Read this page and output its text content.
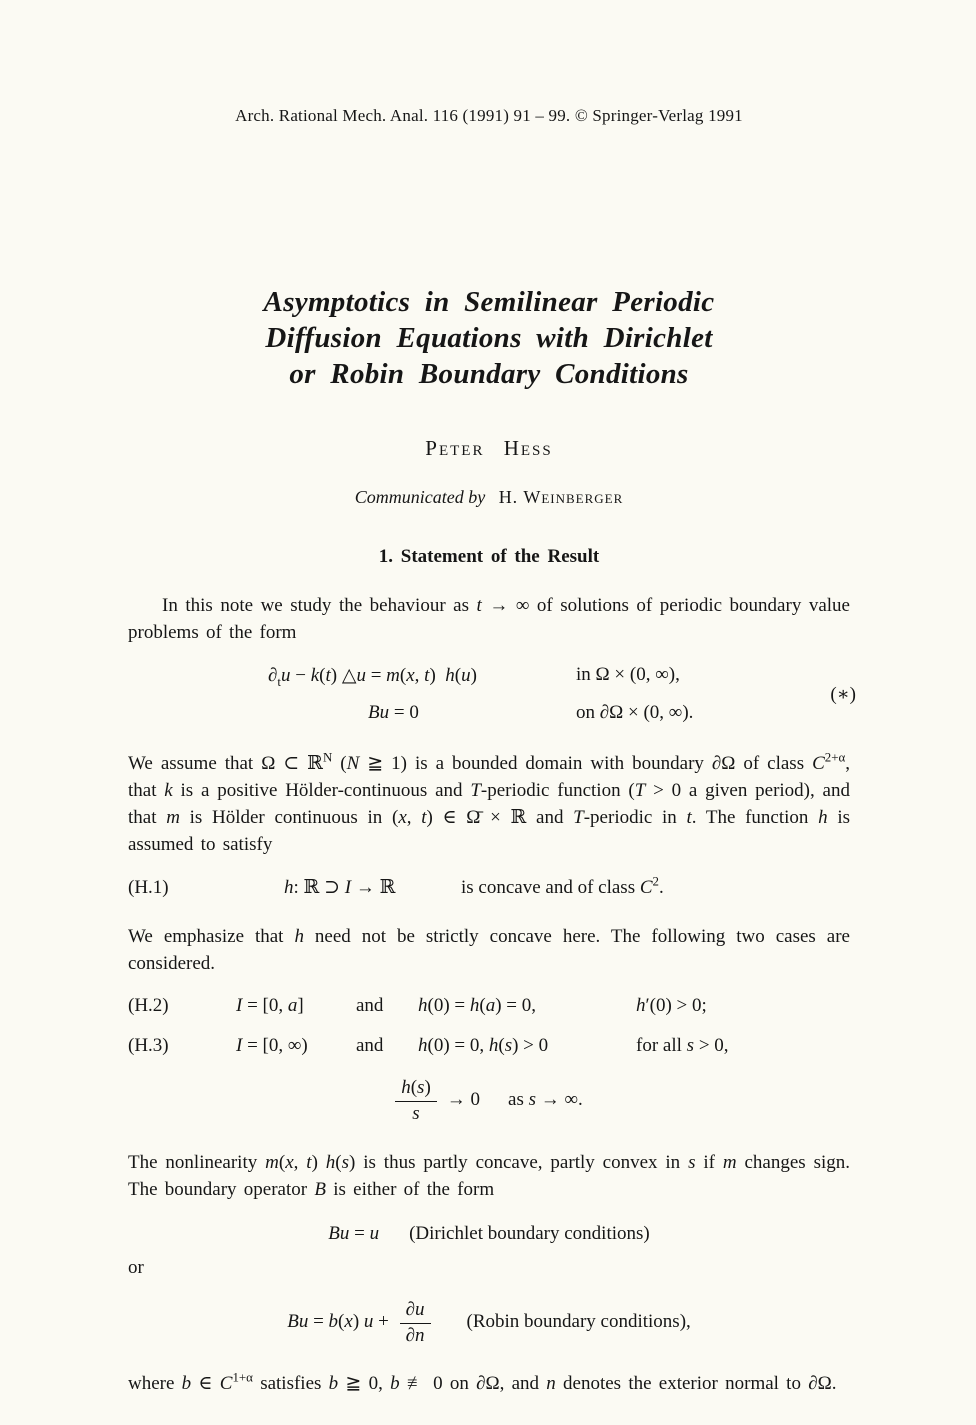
Arch. Rational Mech. Anal. 116 (1991) 91 – 99. © Springer-Verlag 1991
Asymptotics in Semilinear Periodic
Diffusion Equations with Dirichlet
or Robin Boundary Conditions
Peter Hess
Communicated by H. Weinberger
1. Statement of the Result

In this note we study the behaviour as t → ∞ of solutions of periodic boundary value problems of the form

$\partial_tu - k(t)$ △u = m(x, t) h(u)	in Ω × (0, ∞),
Bu = 0	on ∂Ω × (0, ∞).
(∗)

We assume that Ω ⊂ ℝ$^N$ (N ≧ 1) is a bounded domain with boundary ∂Ω of class $C^{2+\alpha}$, that k is a positive Hölder-continuous and T-periodic function (T > 0 a given period), and that m is Hölder continuous in (x, t) ∈ Ω̄ × ℝ and T-periodic in t. The function h is assumed to satisfy

(H.1)	h: ℝ ⊃ I → ℝ	is concave and of class $C^2$.

We emphasize that h need not be strictly concave here. The following two cases are considered.

(H.2)	I = [0, a]	and h(0) = h(a) = 0,	h′(0) > 0;
(H.3)	I = [0, ∞)	and h(0) = 0, h(s) > 0	for all s > 0,
$\frac{h(s)}{s} \to 0$ as s → ∞.

The nonlinearity m(x, t) h(s) is thus partly concave, partly convex in s if m changes sign. The boundary operator B is either of the form

Bu = u (Dirichlet boundary conditions)
or
Bu = b(x) $u + \frac{\partial u}{\partial n}$ (Robin boundary conditions),

where b ∈ $C^{1+\alpha}$ satisfies b ≧ 0, b ≢ 0 on ∂Ω, and n denotes the exterior normal to ∂Ω.
